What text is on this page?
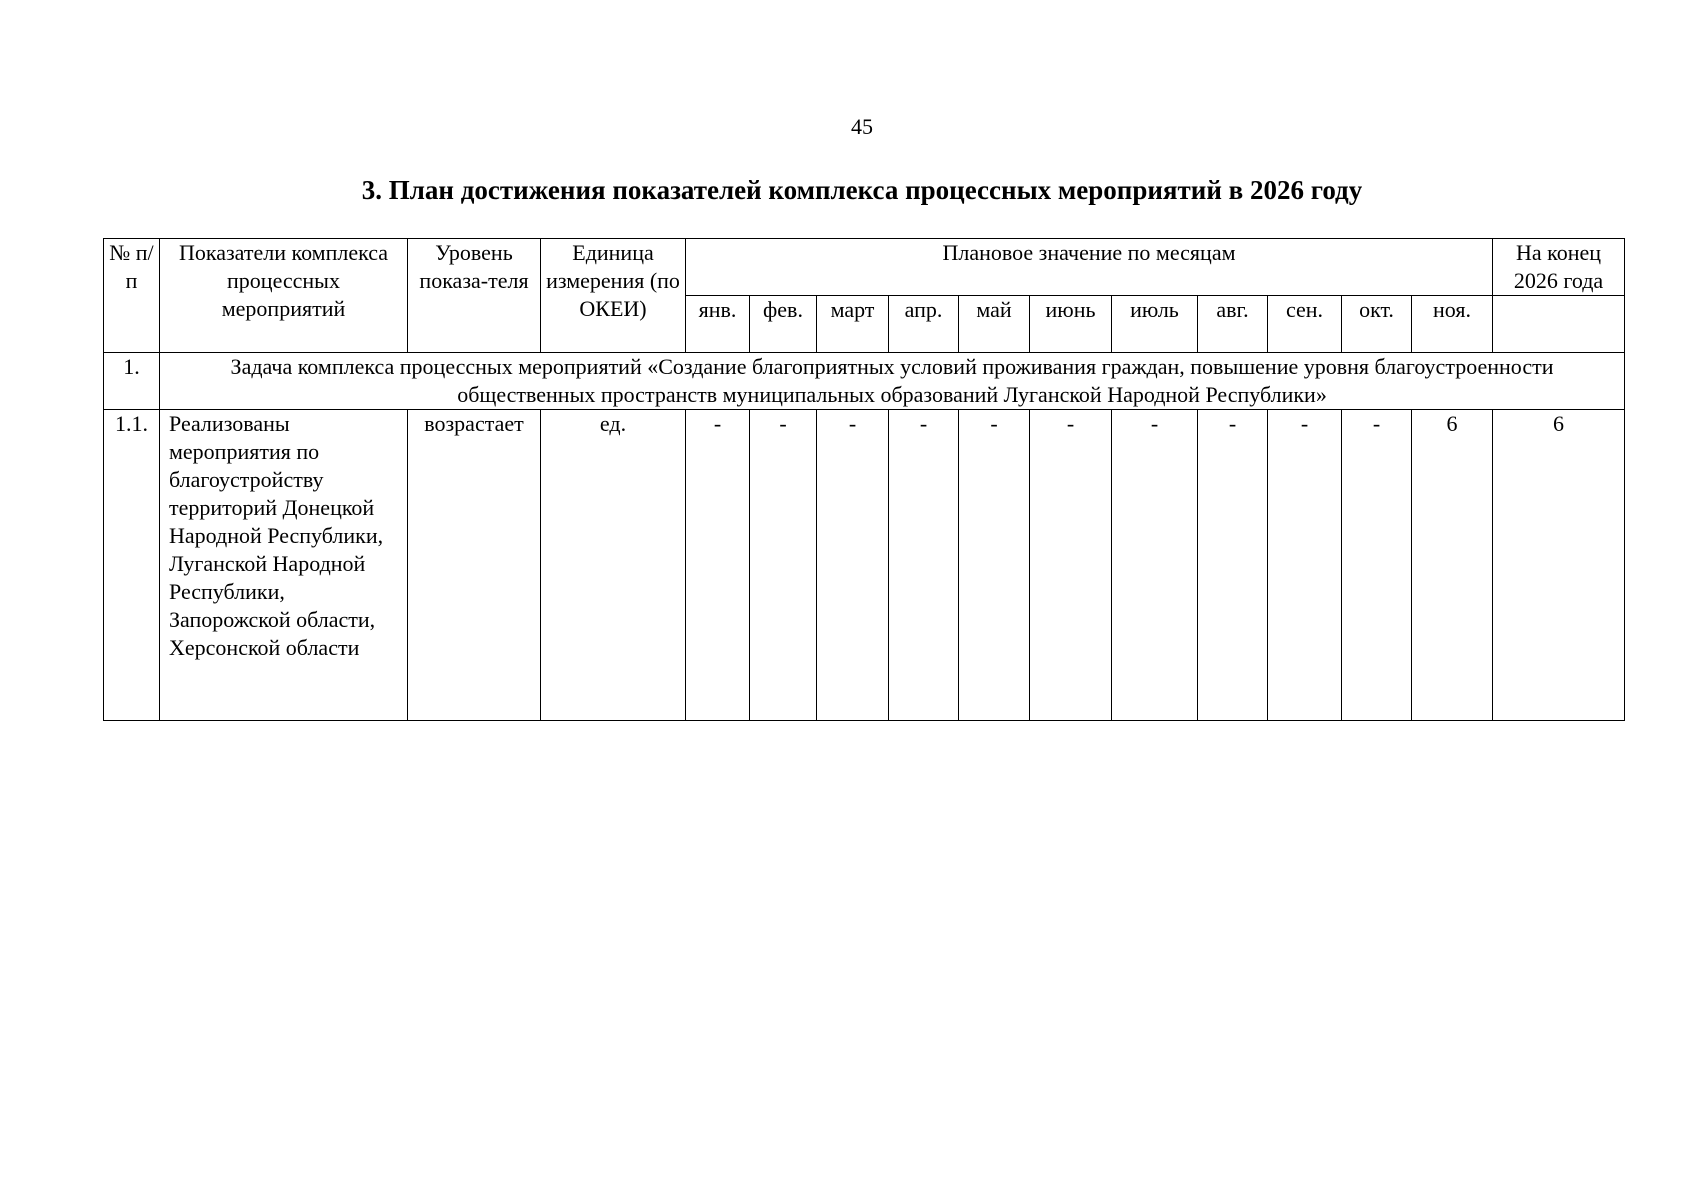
45
3. План достижения показателей комплекса процессных мероприятий в 2026 году
№ п/п	Показатели комплекса процессных мероприятий	Уровень показа-теля	Единица измерения (по ОКЕИ)	Плановое значение по месяцам											На конец 2026 года
				янв.	фев.	март	апр.	май	июнь	июль	авг.	сен.	окт.	ноя.	
1.	Задача комплекса процессных мероприятий «Создание благоприятных условий проживания граждан, повышение уровня благоустроенности общественных пространств муниципальных образований Луганской Народной Республики»														
1.1.	Реализованы мероприятия по благоустройству территорий Донецкой Народной Республики, Луганской Народной Республики, Запорожской области, Херсонской области	возрастает	ед.	-	-	-	-	-	-	-	-	-	-	6	6
